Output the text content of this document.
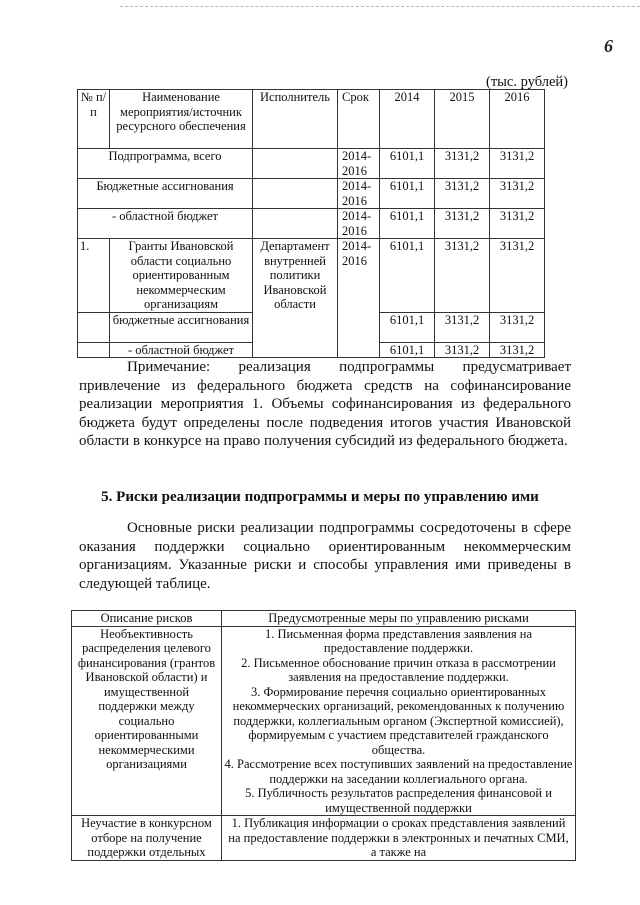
6
(тыс. рублей)
№ п/п	Наименование мероприятия/источник ресурсного обеспечения	Исполнитель	Срок	2014	2015	2016
Подпрограмма, всего			2014-2016	6101,1	3131,2	3131,2
Бюджетные ассигнования			2014-2016	6101,1	3131,2	3131,2
- областной бюджет			2014-2016	6101,1	3131,2	3131,2
1.	Гранты Ивановской области социально ориентированным некоммерческим организациям	Департамент внутренней политики Ивановской области	2014-2016	6101,1	3131,2	3131,2
	бюджетные ассигнования			6101,1	3131,2	3131,2
	- областной бюджет			6101,1	3131,2	3131,2

Примечание: реализация подпрограммы предусматривает привлечение из федерального бюджета средств на софинансирование реализации мероприятия 1. Объемы софинансирования из федерального бюджета будут определены после подведения итогов участия Ивановской области в конкурсе на право получения субсидий из федерального бюджета.

5. Риски реализации подпрограммы и меры по управлению ими

Основные риски реализации подпрограммы сосредоточены в сфере оказания поддержки социально ориентированным некоммерческим организациям. Указанные риски и способы управления ими приведены в следующей таблице.

Описание рисков	Предусмотренные меры по управлению рисками
Необъективность распределения целевого финансирования (грантов Ивановской области) и имущественной поддержки между социально ориентированными некоммерческими организациями	1. Письменная форма представления заявления на предоставление поддержки.
2. Письменное обоснование причин отказа в рассмотрении заявления на предоставление поддержки.
3. Формирование перечня социально ориентированных некоммерческих организаций, рекомендованных к получению поддержки, коллегиальным органом (Экспертной комиссией), формируемым с участием представителей гражданского общества.
4. Рассмотрение всех поступивших заявлений на предоставление поддержки на заседании коллегиального органа.
5. Публичность результатов распределения финансовой и имущественной поддержки

Неучастие в конкурсном отборе на получение поддержки отдельных	1. Публикация информации о сроках представления заявлений на предоставление поддержки в электронных и печатных СМИ, а также на
